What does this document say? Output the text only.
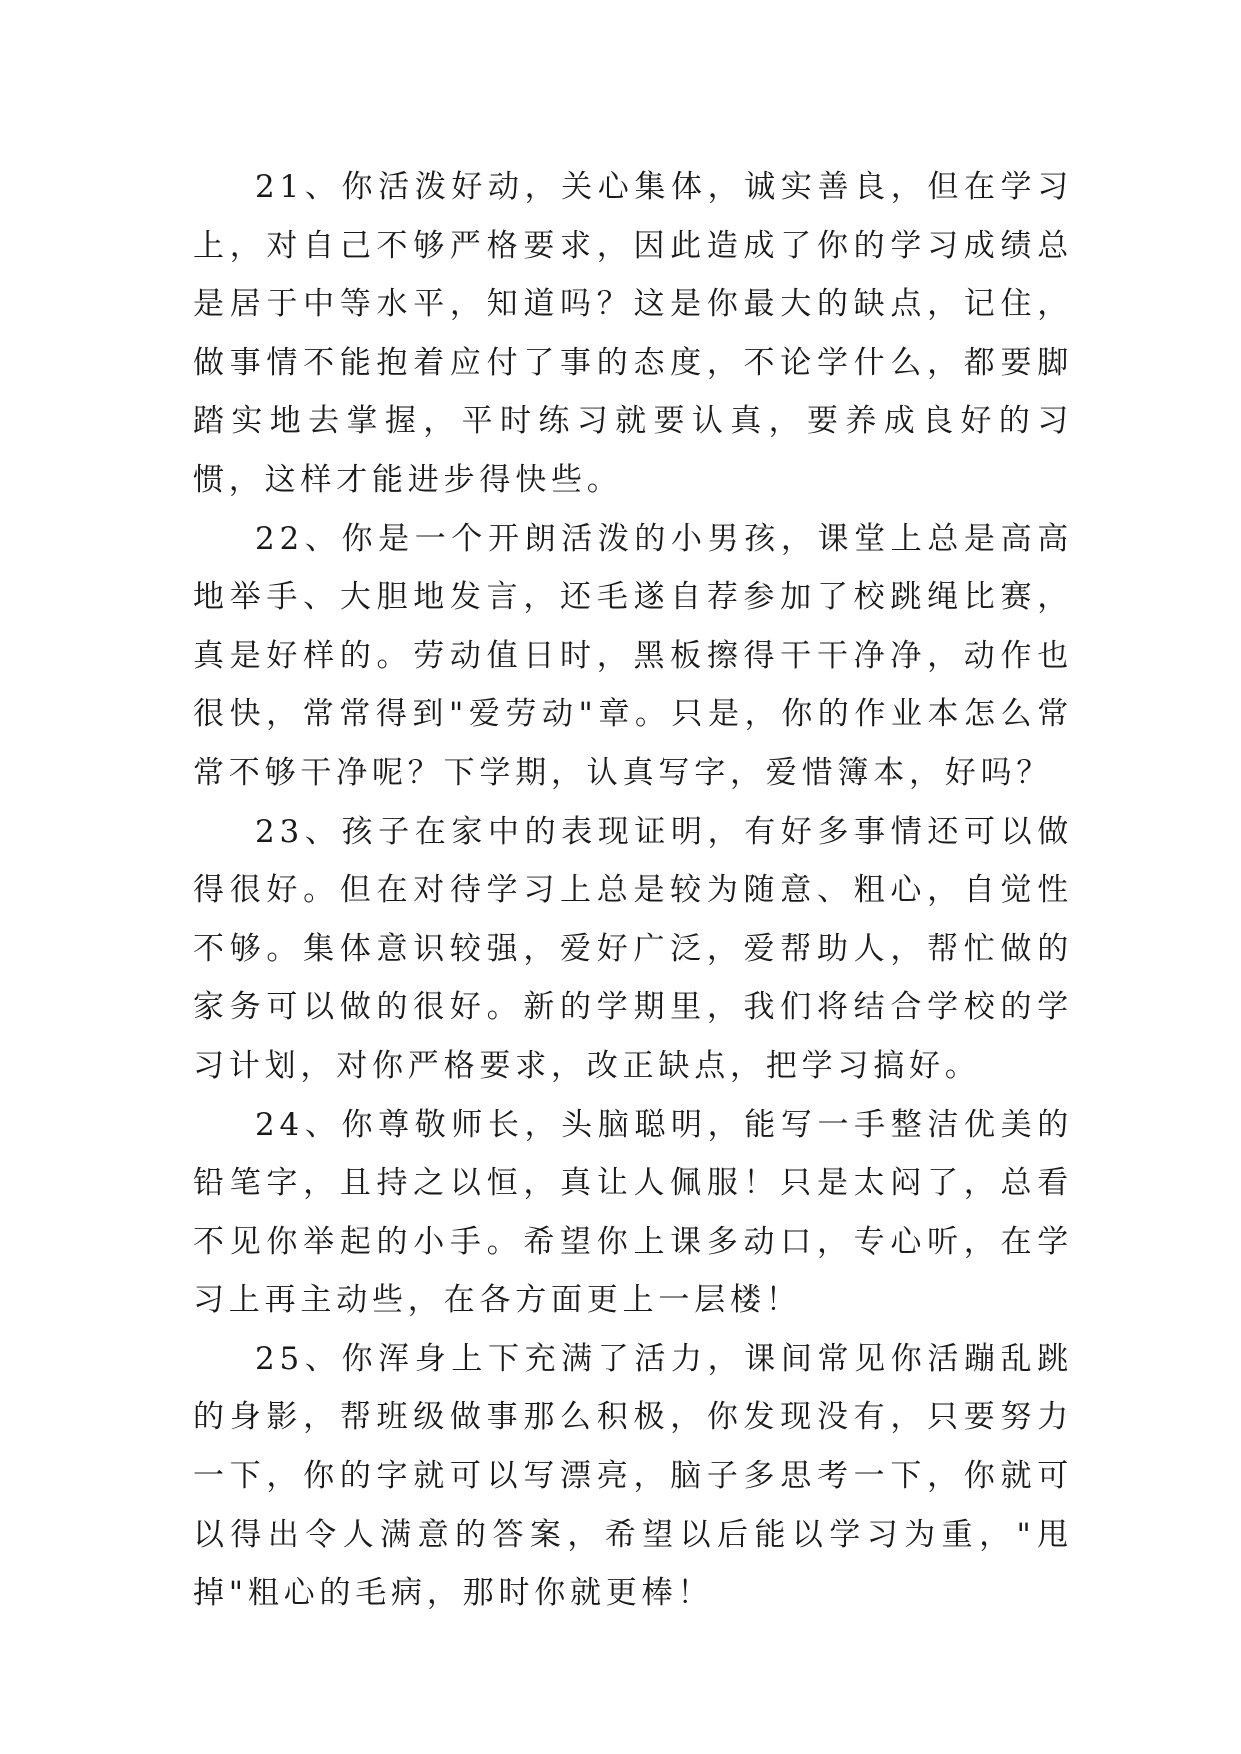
21、你活泼好动，关心集体，诚实善良，但在学习上，对自己不够严格要求，因此造成了你的学习成绩总是居于中等水平，知道吗？这是你最大的缺点，记住，做事情不能抱着应付了事的态度，不论学什么，都要脚踏实地去掌握，平时练习就要认真，要养成良好的习惯，这样才能进步得快些。

22、你是一个开朗活泼的小男孩，课堂上总是高高地举手、大胆地发言，还毛遂自荐参加了校跳绳比赛，真是好样的。劳动值日时，黑板擦得干干净净，动作也很快，常常得到"爱劳动"章。只是，你的作业本怎么常常不够干净呢？下学期，认真写字，爱惜簿本，好吗？

23、孩子在家中的表现证明，有好多事情还可以做得很好。但在对待学习上总是较为随意、粗心，自觉性不够。集体意识较强，爱好广泛，爱帮助人，帮忙做的家务可以做的很好。新的学期里，我们将结合学校的学习计划，对你严格要求，改正缺点，把学习搞好。

24、你尊敬师长，头脑聪明，能写一手整洁优美的铅笔字，且持之以恒，真让人佩服！只是太闷了，总看不见你举起的小手。希望你上课多动口，专心听，在学习上再主动些，在各方面更上一层楼！

25、你浑身上下充满了活力，课间常见你活蹦乱跳的身影，帮班级做事那么积极，你发现没有，只要努力一下，你的字就可以写漂亮，脑子多思考一下，你就可以得出令人满意的答案，希望以后能以学习为重，"甩掉"粗心的毛病，那时你就更棒！
